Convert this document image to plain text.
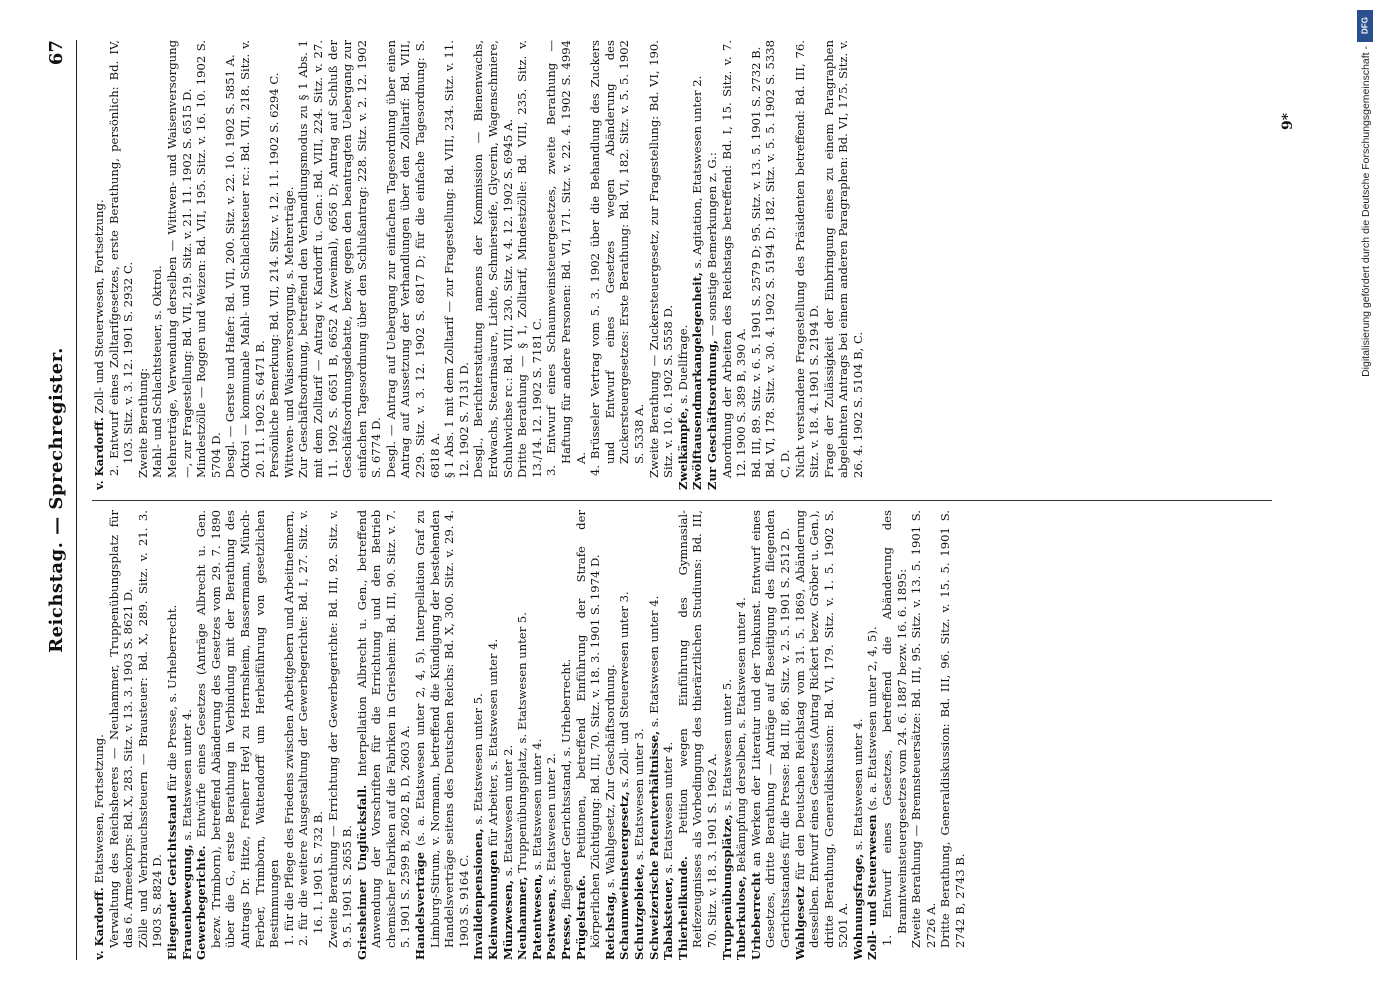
Reichstag. — Sprechregister.
67

v. Kardorff. Etatswesen, Fortsetzung. Verwaltung des Reichsheeres — Neuhammer, Truppenübungsplatz für das 6. Armeekorps: Bd. X, 283. Sitz. v. 13. 3. 1903 S. 8621 D. Zölle und Verbrauchssteuern — Brausteuer: Bd. X, 289. Sitz. v. 21. 3. 1903 S. 8824 D. Fliegender Gerichtsstand für die Presse, s. Urheberrecht.

Frauenbewegung, s. Etatswesen unter 4.

Gewerbegerichte. Entwürfe eines Gesetzes (Anträge Albrecht u. Gen. bezw. Trimborn), betreffend Abänderung des Gesetzes vom 29. 7. 1890 über die G., erste Berathung in Verbindung mit der Berathung des Antrags Dr. Hitze, Freiherr Heyl zu Herrnsheim, Bassermann, Münch-Ferber, Trimborn, Wattendorff um Herbeiführung von gesetzlichen Bestimmungen 1. für die Pflege des Friedens zwischen Arbeitgebern und Arbeitnehmern, 2. für die weitere Ausgestaltung der Gewerbegerichte: Bd. I, 27. Sitz. v. 16. 1. 1901 S. 732 B. Zweite Berathung — Errichtung der Gewerbegerichte: Bd. III, 92. Sitz. v. 9. 5. 1901 S. 2655 B. Griesheimer Unglücksfall. Interpellation Albrecht u. Gen., betreffend Anwendung der Vorschriften für die Errichtung und den Betrieb chemischer Fabriken auf die Fabriken in Griesheim: Bd. III, 90. Sitz. v. 7. 5. 1901 S. 2599 B, 2602 B, D, 2603 A. Handelsverträge (s. a. Etatswesen unter 2, 4, 5). Interpellation Graf zu Limburg-Stirum, v. Normann, betreffend die Kündigung der bestehenden Handelsverträge seitens des Deutschen Reichs: Bd. X, 300. Sitz. v. 29. 4. 1903 S. 9164 C. Invalidenpensionen, s. Etatswesen unter 5.

Kleinwohnungen für Arbeiter, s. Etatswesen unter 4.

Münzwesen, s. Etatswesen unter 2.

Neuhammer, Truppenübungsplatz, s. Etatswesen unter 5.

Patentwesen, s. Etatswesen unter 4.

Postwesen, s. Etatswesen unter 2.

Presse, fliegender Gerichtsstand, s. Urheberrecht.

Prügelstrafe. Petitionen, betreffend Einführung der Strafe der körperlichen Züchtigung: Bd. III, 70. Sitz. v. 18. 3. 1901 S. 1974 D. Reichstag, s. Wahlgesetz, Zur Geschäftsordnung. Schaumweinsteuergesetz, s. Zoll- und Steuerwesen unter 3.

Schutzgebiete, s. Etatswesen unter 3. Schweizerische Patentverhältnisse, s. Etatswesen unter 4.

Tabaksteuer, s. Etatswesen unter 4.

Thierheilkunde. Petition wegen Einführung des Gymnasial-Reifezeugnisses als Vorbedingung des thierärztlichen Studiums: Bd. III, 70. Sitz. v. 18. 3. 1901 S. 1962 A. Truppenübungsplätze, s. Etatswesen unter 5.

Tuberkulose, Bekämpfung derselben, s. Etatswesen unter 4.

Urheberrecht an Werken der Literatur und der Tonkunst. Entwurf eines Gesetzes, dritte Berathung — Anträge auf Beseitigung des fliegenden Gerichtsstandes für die Presse: Bd. III, 86. Sitz. v. 2. 5. 1901 S. 2512 D. Wahlgesetz für den Deutschen Reichstag vom 31. 5. 1869, Abänderung desselben. Entwurf eines Gesetzes (Antrag Rickert bezw. Gröber u. Gen.), dritte Berathung, Generaldiskussion: Bd. VI, 179. Sitz. v. 1. 5. 1902 S. 5201 A. Wohnungsfrage, s. Etatswesen unter 4.

Zoll- und Steuerwesen (s. a. Etatswesen unter 2, 4, 5). 1. Entwurf eines Gesetzes, betreffend die Abänderung des Branntweinsteuergesetzes vom 24. 6. 1887 bezw. 16. 6. 1895: Zweite Berathung — Brennsteuersätze: Bd. III, 95. Sitz. v. 13. 5. 1901 S. 2726 A. Dritte Berathung, Generaldiskussion: Bd. III, 96. Sitz. v. 15. 5. 1901 S. 2742 B, 2743 B.

v. Kardorff. Zoll- und Steuerwesen, Fortsetzung. 2. Entwurf eines Zolltarifgesetzes, erste Berathung, persönlich: Bd. IV, 103. Sitz. v. 3. 12. 1901 S. 2932 C. Zweite Berathung: Mahl- und Schlachtsteuer, s. Oktroi. Mehrerträge, Verwendung derselben — Wittwen- und Waisenversorgung —, zur Fragestellung: Bd. VII, 219. Sitz. v. 21. 11. 1902 S. 6515 D. Mindestzölle — Roggen und Weizen: Bd. VII, 195. Sitz. v. 16. 10. 1902 S. 5704 D. Desgl. — Gerste und Hafer: Bd. VII, 200. Sitz. v. 22. 10. 1902 S. 5851 A. Oktroi — kommunale Mahl- und Schlachtsteuer rc.: Bd. VII, 218. Sitz. v. 20. 11. 1902 S. 6471 B. Persönliche Bemerkung: Bd. VII, 214. Sitz. v. 12. 11. 1902 S. 6294 C. Wittwen- und Waisenversorgung, s. Mehrerträge. Zur Geschäftsordnung, betreffend den Verhandlungsmodus zu § 1 Abs. 1 mit dem Zolltarif — Antrag v. Kardorff u. Gen.: Bd. VIII, 224. Sitz. v. 27. 11. 1902 S. 6651 B, 6652 A (zweimal), 6656 D; Antrag auf Schluß der Geschäftsordnungsdebatte, bezw. gegen den beantragten Uebergang zur einfachen Tagesordnung über den Schlußantrag: 228. Sitz. v. 2. 12. 1902 S. 6774 D. Desgl. — Antrag auf Uebergang zur einfachen Tagesordnung über einen Antrag auf Aussetzung der Verhandlungen über den Zolltarif: Bd. VIII, 229. Sitz. v. 3. 12. 1902 S. 6817 D; für die einfache Tagesordnung: S. 6818 A. § 1 Abs. 1 mit dem Zolltarif — zur Fragestellung: Bd. VIII, 234. Sitz. v. 11. 12. 1902 S. 7131 D. Desgl., Berichterstattung namens der Kommission — Bienenwachs, Erdwachs, Stearinsäure, Lichte, Schmierseife, Glycerin, Wagenschmiere, Schuhwichse rc.: Bd. VIII, 230. Sitz. v. 4. 12. 1902 S. 6945 A. Dritte Berathung — § 1, Zolltarif, Mindestzölle: Bd. VIII, 235. Sitz. v. 13./14. 12. 1902 S. 7181 C. 3. Entwurf eines Schaumweinsteuergesetzes, zweite Berathung — Haftung für andere Personen: Bd. VI, 171. Sitz. v. 22. 4. 1902 S. 4994 A. 4. Brüsseler Vertrag vom 5. 3. 1902 über die Behandlung des Zuckers und Entwurf eines Gesetzes wegen Abänderung des Zuckersteuergesetzes: Erste Berathung: Bd. VI, 182. Sitz. v. 5. 5. 1902 S. 5338 A. Zweite Berathung — Zuckersteuergesetz, zur Fragestellung: Bd. VI, 190. Sitz. v. 10. 6. 1902 S. 5558 D. Zweikämpfe, s. Duellfrage. Zwölftausendmarkangelegenheit, s. Agitation, Etatswesen unter 2.

Zur Geschäftsordnung, — sonstige Bemerkungen z. G.: Anordnung der Arbeiten des Reichstags betreffend: Bd. I, 15. Sitz. v. 7. 12. 1900 S. 389 B, 390 A. Bd. III, 89. Sitz. v. 6. 5. 1901 S. 2579 D; 95. Sitz. v. 13. 5. 1901 S. 2732 B. Bd. VI, 178. Sitz. v. 30. 4. 1902 S. 5194 D; 182. Sitz. v. 5. 5. 1902 S. 5338 C, D. Nicht verstandene Fragestellung des Präsidenten betreffend: Bd. III, 76. Sitz. v. 18. 4. 1901 S. 2194 D. Frage der Zulässigkeit der Einbringung eines zu einem Paragraphen abgelehnten Antrags bei einem anderen Paragraphen: Bd. VI, 175. Sitz. v. 26. 4. 1902 S. 5104 B, C.

9*
DFG
Digitalisierung gefördert durch die Deutsche Forschungsgemeinschaft -
